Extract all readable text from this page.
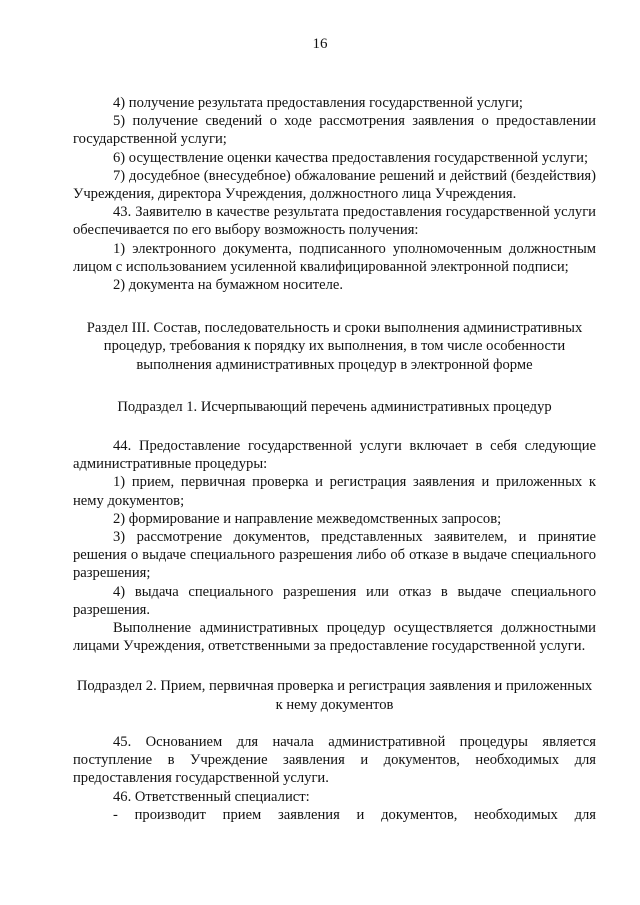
16

4) получение результата предоставления государственной услуги;

5) получение сведений о ходе рассмотрения заявления о предоставлении государственной услуги;

6) осуществление оценки качества предоставления государственной услуги;

7) досудебное (внесудебное) обжалование решений и действий (бездействия) Учреждения, директора Учреждения, должностного лица Учреждения.

43. Заявителю в качестве результата предоставления государственной услуги обеспечивается по его выбору возможность получения:

1) электронного документа, подписанного уполномоченным должностным лицом с использованием усиленной квалифицированной электронной подписи;

2) документа на бумажном носителе.

Раздел III. Состав, последовательность и сроки выполнения административных процедур, требования к порядку их выполнения, в том числе особенности выполнения административных процедур в электронной форме

Подраздел 1. Исчерпывающий перечень административных процедур

44. Предоставление государственной услуги включает в себя следующие административные процедуры:

1) прием, первичная проверка и регистрация заявления и приложенных к нему документов;

2) формирование и направление межведомственных запросов;

3) рассмотрение документов, представленных заявителем, и принятие решения о выдаче специального разрешения либо об отказе в выдаче специального разрешения;

4) выдача специального разрешения или отказ в выдаче специального разрешения.

Выполнение административных процедур осуществляется должностными лицами Учреждения, ответственными за предоставление государственной услуги.

Подраздел 2. Прием, первичная проверка и регистрация заявления и приложенных к нему документов

45. Основанием для начала административной процедуры является поступление в Учреждение заявления и документов, необходимых для предоставления государственной услуги.

46. Ответственный специалист:

- производит прием заявления и документов, необходимых для
